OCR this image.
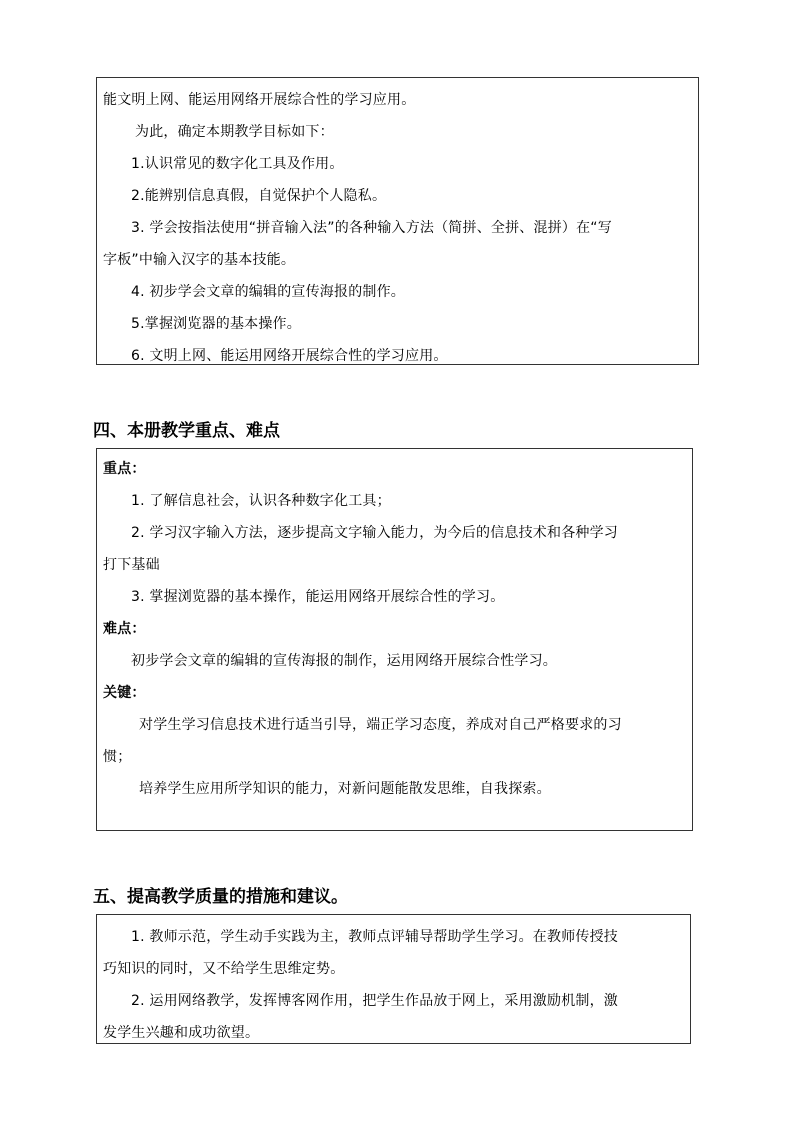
能文明上网、能运用网络开展综合性的学习应用。
为此，确定本期教学目标如下：
1.认识常见的数字化工具及作用。
2.能辨别信息真假，自觉保护个人隐私。
3. 学会按指法使用“拼音输入法”的各种输入方法（简拼、全拼、混拼）在“写
字板”中输入汉字的基本技能。
4. 初步学会文章的编辑的宣传海报的制作。
5.掌握浏览器的基本操作。
6. 文明上网、能运用网络开展综合性的学习应用。
四、本册教学重点、难点
重点：
1. 了解信息社会，认识各种数字化工具；
2. 学习汉字输入方法，逐步提高文字输入能力，为今后的信息技术和各种学习
打下基础
3. 掌握浏览器的基本操作，能运用网络开展综合性的学习。
难点：
初步学会文章的编辑的宣传海报的制作，运用网络开展综合性学习。
关键：
对学生学习信息技术进行适当引导，端正学习态度，养成对自己严格要求的习
惯；
培养学生应用所学知识的能力，对新问题能散发思维，自我探索。
五、提高教学质量的措施和建议。
1. 教师示范，学生动手实践为主，教师点评辅导帮助学生学习。在教师传授技
巧知识的同时，又不给学生思维定势。
2. 运用网络教学，发挥博客网作用，把学生作品放于网上，采用激励机制，激
发学生兴趣和成功欲望。
